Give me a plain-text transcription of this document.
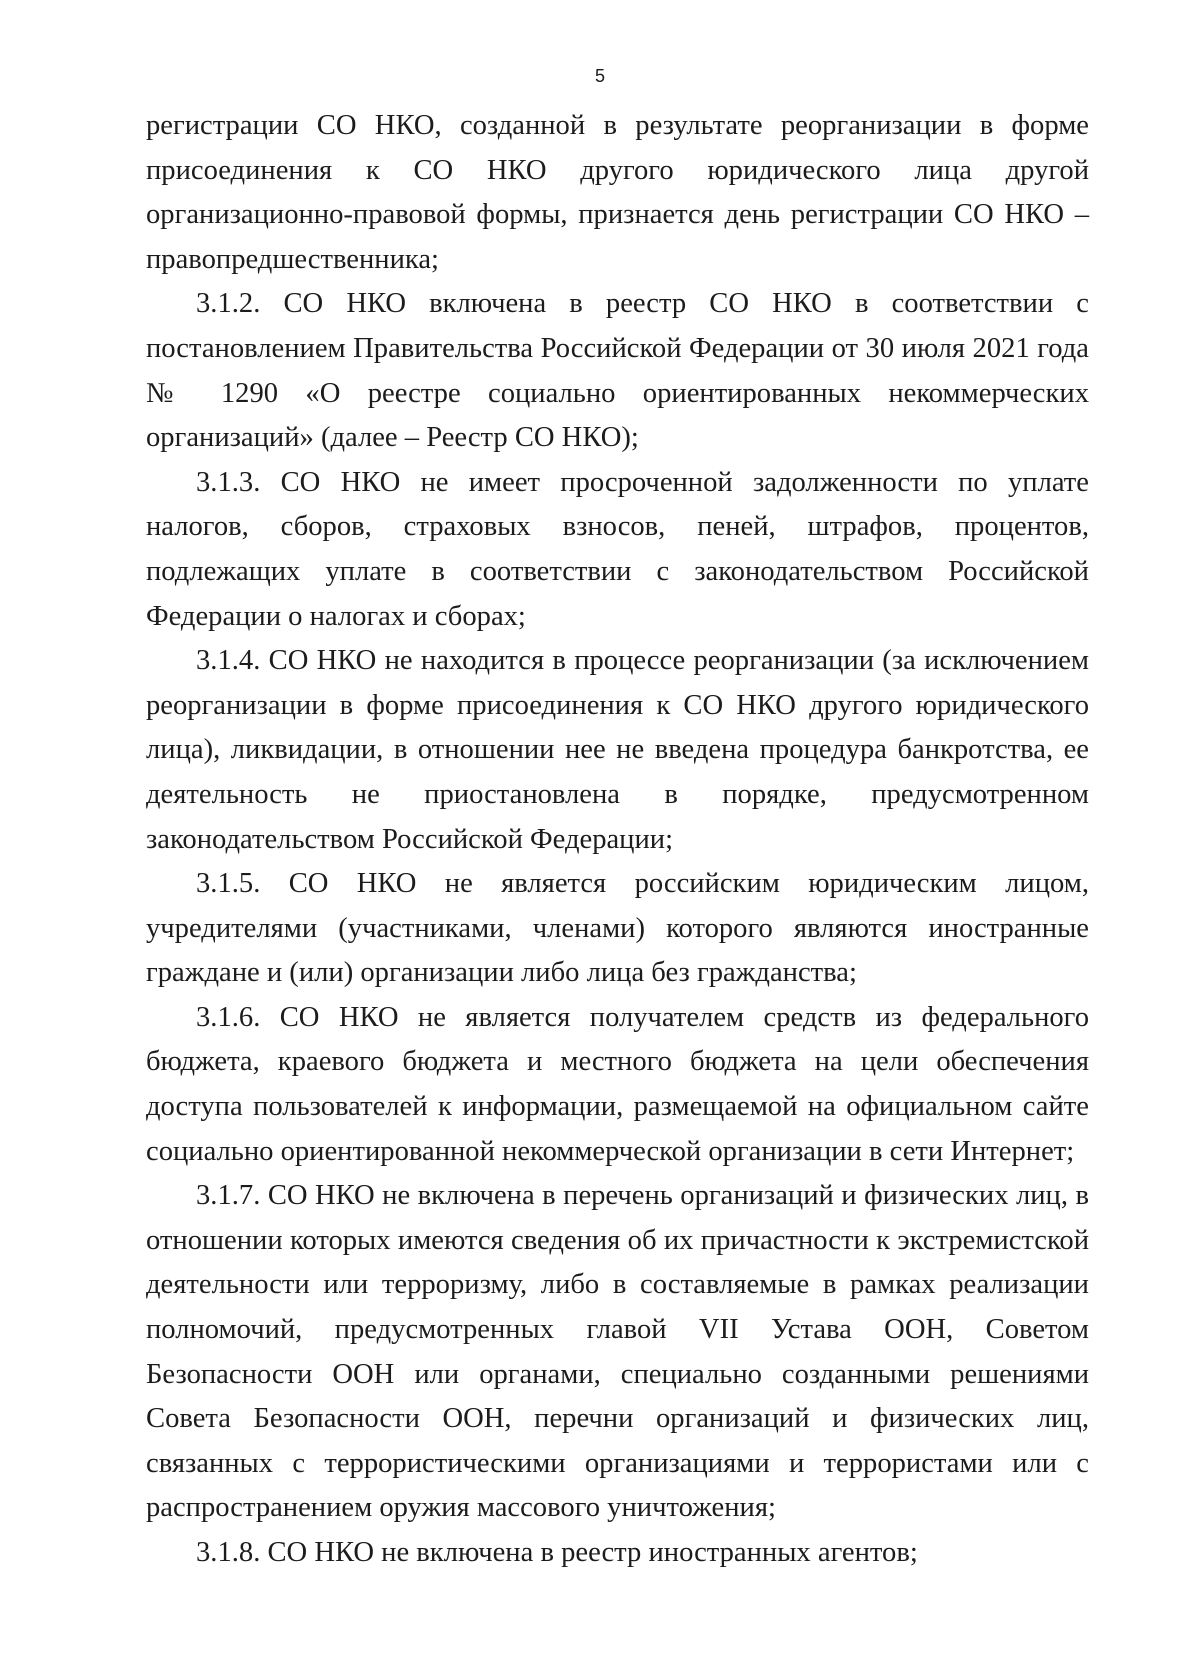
5

регистрации СО НКО, созданной в результате реорганизации в форме присоединения к СО НКО другого юридического лица другой организационно-правовой формы, признается день регистрации СО НКО – правопредшественника;

3.1.2. СО НКО включена в реестр СО НКО в соответствии с постановлением Правительства Российской Федерации от 30 июля 2021 года № 1290 «О реестре социально ориентированных некоммерческих организаций» (далее – Реестр СО НКО);

3.1.3. СО НКО не имеет просроченной задолженности по уплате налогов, сборов, страховых взносов, пеней, штрафов, процентов, подлежащих уплате в соответствии с законодательством Российской Федерации о налогах и сборах;

3.1.4. СО НКО не находится в процессе реорганизации (за исключением реорганизации в форме присоединения к СО НКО другого юридического лица), ликвидации, в отношении нее не введена процедура банкротства, ее деятельность не приостановлена в порядке, предусмотренном законодательством Российской Федерации;

3.1.5. СО НКО не является российским юридическим лицом, учредителями (участниками, членами) которого являются иностранные граждане и (или) организации либо лица без гражданства;

3.1.6. СО НКО не является получателем средств из федерального бюджета, краевого бюджета и местного бюджета на цели обеспечения доступа пользователей к информации, размещаемой на официальном сайте социально ориентированной некоммерческой организации в сети Интернет;

3.1.7. СО НКО не включена в перечень организаций и физических лиц, в отношении которых имеются сведения об их причастности к экстремистской деятельности или терроризму, либо в составляемые в рамках реализации полномочий, предусмотренных главой VII Устава ООН, Советом Безопасности ООН или органами, специально созданными решениями Совета Безопасности ООН, перечни организаций и физических лиц, связанных с террористическими организациями и террористами или с распространением оружия массового уничтожения;

3.1.8. СО НКО не включена в реестр иностранных агентов;
